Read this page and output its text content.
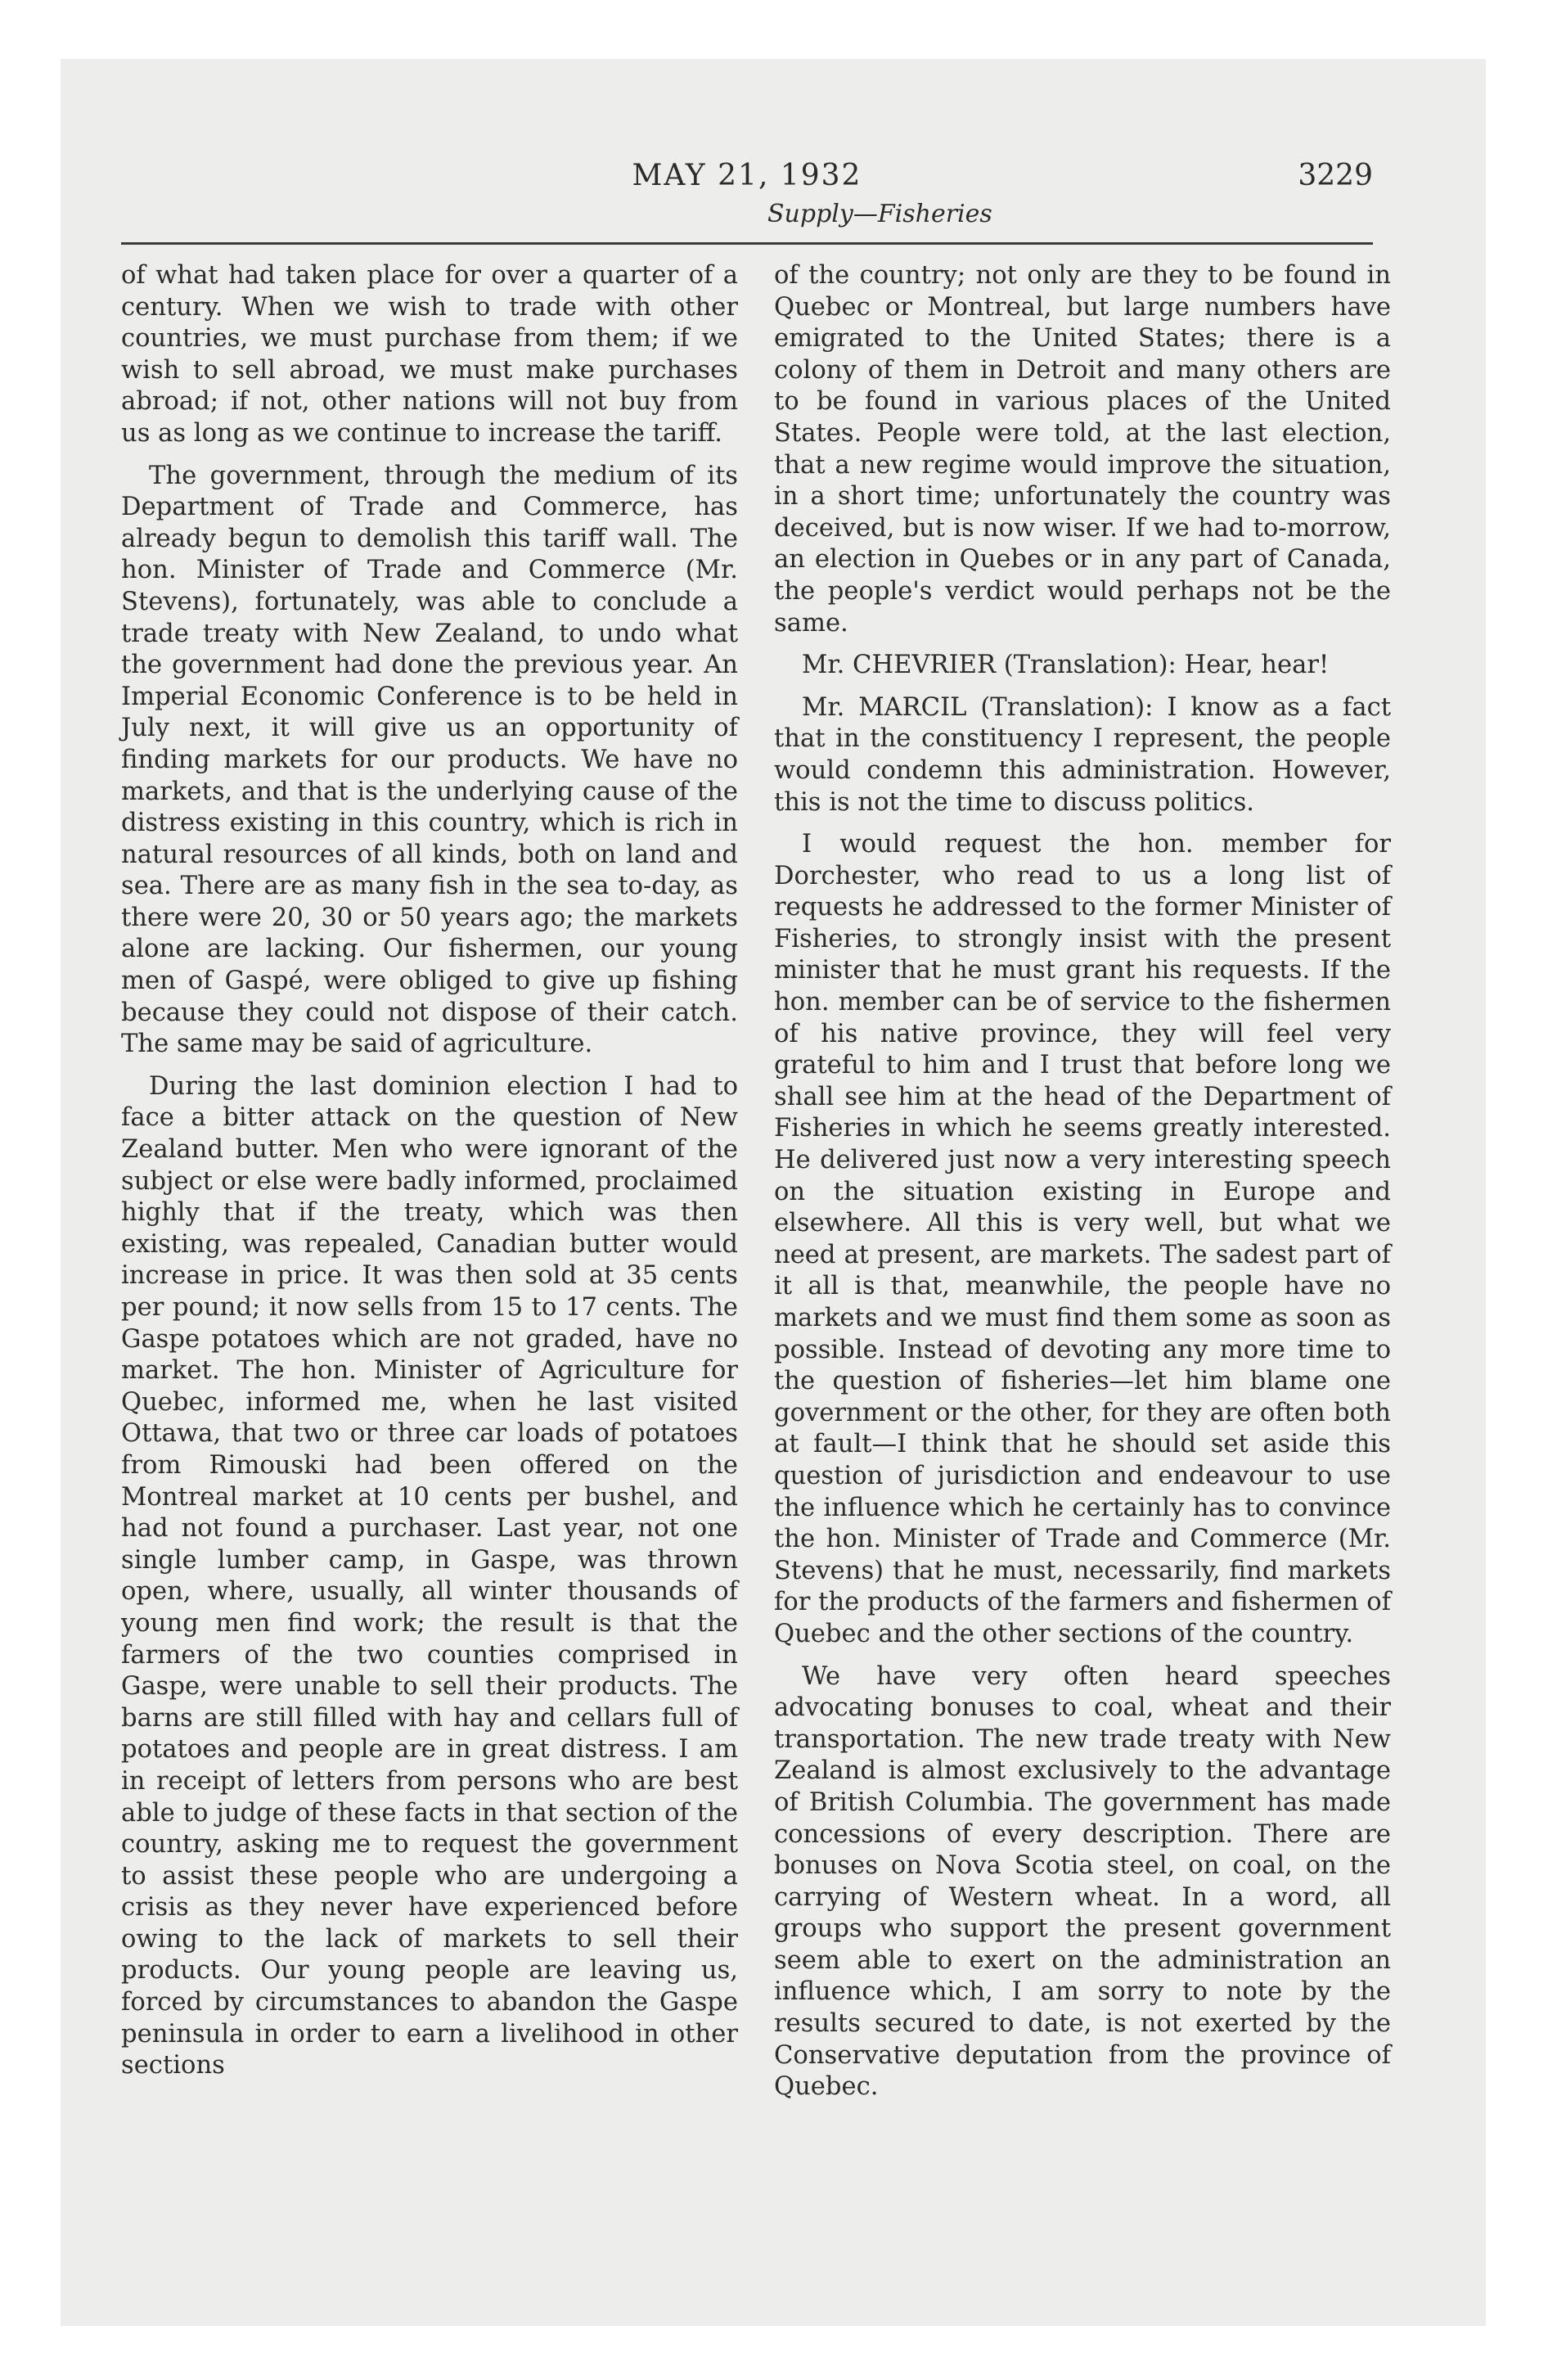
MAY 21, 1932	3229
Supply—Fisheries

of what had taken place for over a quarter of a century. When we wish to trade with other countries, we must purchase from them; if we wish to sell abroad, we must make purchases abroad; if not, other nations will not buy from us as long as we continue to increase the tariff.

The government, through the medium of its Department of Trade and Commerce, has already begun to demolish this tariff wall. The hon. Minister of Trade and Commerce (Mr. Stevens), fortunately, was able to conclude a trade treaty with New Zealand, to undo what the government had done the previous year. An Imperial Economic Conference is to be held in July next, it will give us an opportunity of finding markets for our products. We have no markets, and that is the underlying cause of the distress existing in this country, which is rich in natural resources of all kinds, both on land and sea. There are as many fish in the sea to-day, as there were 20, 30 or 50 years ago; the markets alone are lacking. Our fishermen, our young men of Gaspé, were obliged to give up fishing because they could not dispose of their catch. The same may be said of agriculture.

During the last dominion election I had to face a bitter attack on the question of New Zealand butter. Men who were ignorant of the subject or else were badly informed, proclaimed highly that if the treaty, which was then existing, was repealed, Canadian butter would increase in price. It was then sold at 35 cents per pound; it now sells from 15 to 17 cents. The Gaspe potatoes which are not graded, have no market. The hon. Minister of Agriculture for Quebec, informed me, when he last visited Ottawa, that two or three car loads of potatoes from Rimouski had been offered on the Montreal market at 10 cents per bushel, and had not found a purchaser. Last year, not one single lumber camp, in Gaspe, was thrown open, where, usually, all winter thousands of young men find work; the result is that the farmers of the two counties comprised in Gaspe, were unable to sell their products. The barns are still filled with hay and cellars full of potatoes and people are in great distress. I am in receipt of letters from persons who are best able to judge of these facts in that section of the country, asking me to request the government to assist these people who are undergoing a crisis as they never have experienced before owing to the lack of markets to sell their products. Our young people are leaving us, forced by circumstances to abandon the Gaspe peninsula in order to earn a livelihood in other sections

of the country; not only are they to be found in Quebec or Montreal, but large numbers have emigrated to the United States; there is a colony of them in Detroit and many others are to be found in various places of the United States. People were told, at the last election, that a new regime would improve the situation, in a short time; unfortunately the country was deceived, but is now wiser. If we had to-morrow, an election in Quebes or in any part of Canada, the people's verdict would perhaps not be the same.

Mr. CHEVRIER (Translation): Hear, hear!

Mr. MARCIL (Translation): I know as a fact that in the constituency I represent, the people would condemn this administration. However, this is not the time to discuss politics.

I would request the hon. member for Dorchester, who read to us a long list of requests he addressed to the former Minister of Fisheries, to strongly insist with the present minister that he must grant his requests. If the hon. member can be of service to the fishermen of his native province, they will feel very grateful to him and I trust that before long we shall see him at the head of the Department of Fisheries in which he seems greatly interested. He delivered just now a very interesting speech on the situation existing in Europe and elsewhere. All this is very well, but what we need at present, are markets. The sadest part of it all is that, meanwhile, the people have no markets and we must find them some as soon as possible. Instead of devoting any more time to the question of fisheries—let him blame one government or the other, for they are often both at fault—I think that he should set aside this question of jurisdiction and endeavour to use the influence which he certainly has to convince the hon. Minister of Trade and Commerce (Mr. Stevens) that he must, necessarily, find markets for the products of the farmers and fishermen of Quebec and the other sections of the country.

We have very often heard speeches advocating bonuses to coal, wheat and their transportation. The new trade treaty with New Zealand is almost exclusively to the advantage of British Columbia. The government has made concessions of every description. There are bonuses on Nova Scotia steel, on coal, on the carrying of Western wheat. In a word, all groups who support the present government seem able to exert on the administration an influence which, I am sorry to note by the results secured to date, is not exerted by the Conservative deputation from the province of Quebec.
